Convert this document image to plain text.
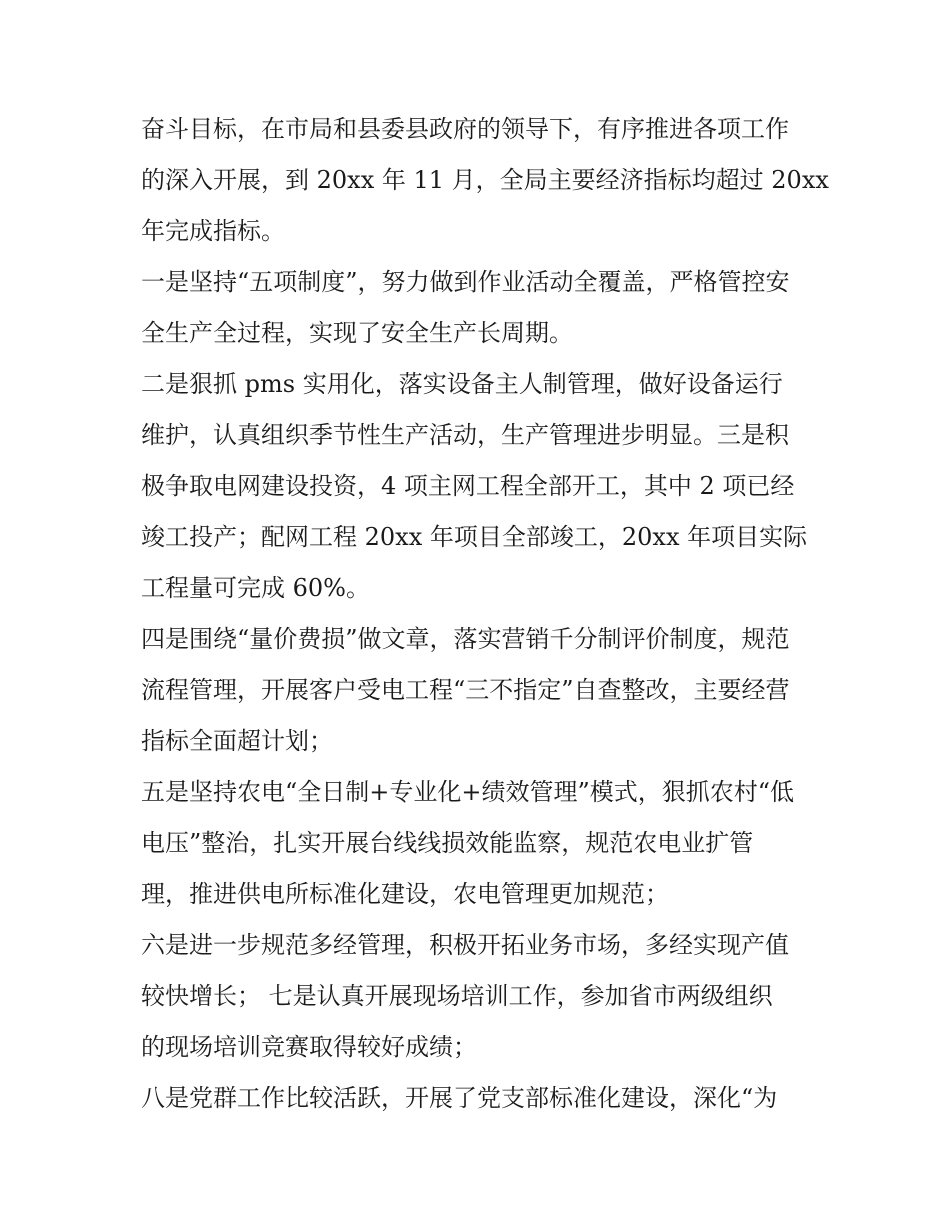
奋斗目标，在市局和县委县政府的领导下，有序推进各项工作
的深入开展，到 20xx 年 11 月，全局主要经济指标均超过 20xx
年完成指标。
一是坚持“五项制度”，努力做到作业活动全覆盖，严格管控安
全生产全过程，实现了安全生产长周期。
二是狠抓 pms 实用化，落实设备主人制管理，做好设备运行
维护，认真组织季节性生产活动，生产管理进步明显。三是积
极争取电网建设投资，4 项主网工程全部开工，其中 2 项已经
竣工投产；配网工程 20xx 年项目全部竣工，20xx 年项目实际
工程量可完成 60%。
四是围绕“量价费损”做文章，落实营销千分制评价制度，规范
流程管理，开展客户受电工程“三不指定”自查整改，主要经营
指标全面超计划；
五是坚持农电“全日制+专业化+绩效管理”模式，狠抓农村“低
电压”整治，扎实开展台线线损效能监察，规范农电业扩管
理，推进供电所标准化建设，农电管理更加规范；
六是进一步规范多经管理，积极开拓业务市场，多经实现产值
较快增长； 七是认真开展现场培训工作，参加省市两级组织
的现场培训竞赛取得较好成绩；
八是党群工作比较活跃，开展了党支部标准化建设，深化“为
